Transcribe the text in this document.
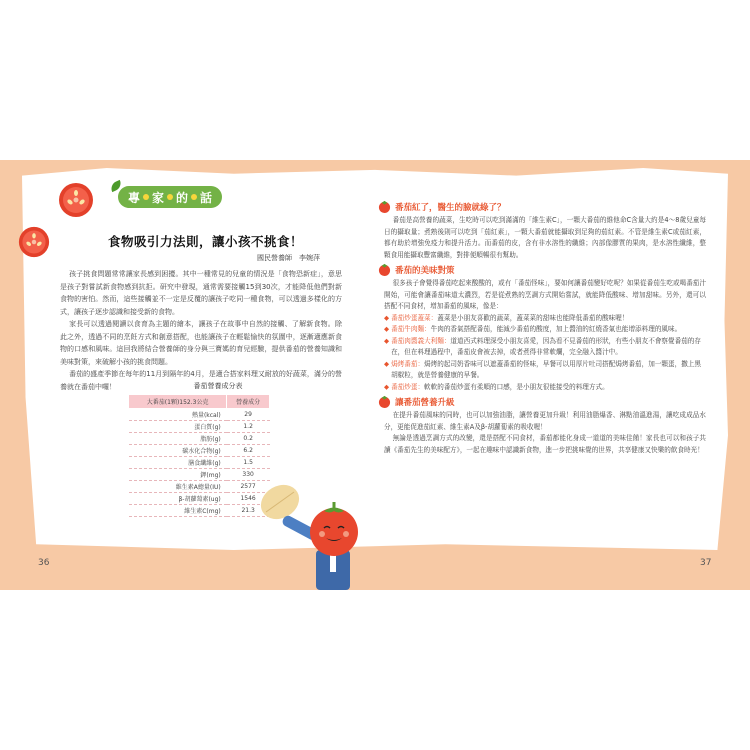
專 家 的 話
食物吸引力法則，讓小孩不挑食！
國民營養師　李婉萍

孩子挑食問題常常讓家長感到困擾。其中一種常見的兒童的情況是「食物恐新症」，意思是孩子對嘗試新食物感到抗拒。研究中發現，通常需要接觸15到30次，才能降低他們對新食物的害怕。然而，這些接觸並不一定是反覆的讓孩子吃同一種食物，可以透過多樣化的方式，讓孩子逐步認識和接受新的食物。

家長可以透過閱讀以食育為主題的繪本，讓孩子在故事中自然的接觸、了解新食物。除此之外，透過不同的烹飪方式和創意搭配，也能讓孩子在輕鬆愉快的氛圍中，逐漸適應新食物的口感和風味。這回我將結合營養師的身分與三寶媽的育兒經驗，提供番茄的營養知識和美味對策，來破解小孩的挑食問題。

番茄的盛產季節在每年的11月到隔年的4月，是適合搭家料理又耐放的好蔬菜，滿分的營養就在番茄中囉！	番茄營養成分表
大番茄(1顆)152.3公克	營養成分
熱量(kcal)	29
蛋白質(g)	1.2
脂肪(g)	0.2
碳水化合物(g)	6.2
膳食纖維(g)	1.5
鉀(mg)	330
維生素A總量(IU)	2577
β-胡蘿蔔素(ug)	1546
維生素C(mg)	21.3
番茄紅了，醫生的臉就綠了？

番茄是高營養的蔬菜，生吃時可以吃到滿滿的「維生素C」，一顆大番茄的維他命C含量大約是4～8歲兒童每日的攝取量；煮熟後則可以吃到「茄紅素」，一顆大番茄就能攝取到足夠的茄紅素。不管是維生素C或茄紅素，都有助於增強免疫力和提升活力。而番茄的皮，含有非水溶性的纖維；內部像膠質的果肉，是水溶性纖維，整顆食用能攝取豐富纖維，對排便順暢很有幫助。

番茄的美味對策

很多孩子會覺得番茄吃起來酸酸的，或有「番茄怪味」，要如何讓番茄變好吃呢？如果從番茄生吃或喝番茄汁開始，可能會讓番茄味道太濃烈，若是從煮熟的烹調方式開始嘗試，就能降低酸味、增加甜味。另外，還可以搭配不同食材，增加番茄的風味，像是：

◆ 番茄炒蛋蓋菜：蓋菜是小朋友喜歡的蔬菜，蓋菜菜的甜味也能降低番茄的酸味喔！
◆ 番茄牛肉麵：牛肉的香氣搭配番茄，能減少番茄的酸度，加上醬油的紅燒香氣也能增添料理的風味。
◆ 番茄肉醬義大利麵：道道西式料理深受小朋友喜愛，因為看不見番茄的形狀，有些小朋友不會察覺番茄的存在，但在料理過程中，番茄皮會被去掉，或者煮得非常軟爛，完全融入醬汁中。
◆ 焗烤番茄：焗烤的起司奶香味可以遮蓋番茄的怪味，早餐可以用厚片吐司搭配焗烤番茄，加一顆蛋，撒上黑胡椒粒，就是營養健康的早餐。
◆ 番茄炒蛋：軟軟的番茄炒蛋有柔順的口感，是小朋友很能接受的料理方式。
讓番茄營養升級

在提升番茄風味的同時，也可以加強油脂，讓營養更加升級！利用油脂爆香、淋點油溫進湯，讓吃成成品水分，更能促進茄紅素、維生素A及β-胡蘿蔔素的吸收喔！

無論是透過烹調方式的改變，還是搭配不同食材，番茄都能化身成一道道的美味佳餚！家長也可以和孩子共讀《番茄先生的美味配方》，一起在趣味中認識新食物，進一步把挑味覺的世界，共享健康又快樂的飲食時光！

36	37
